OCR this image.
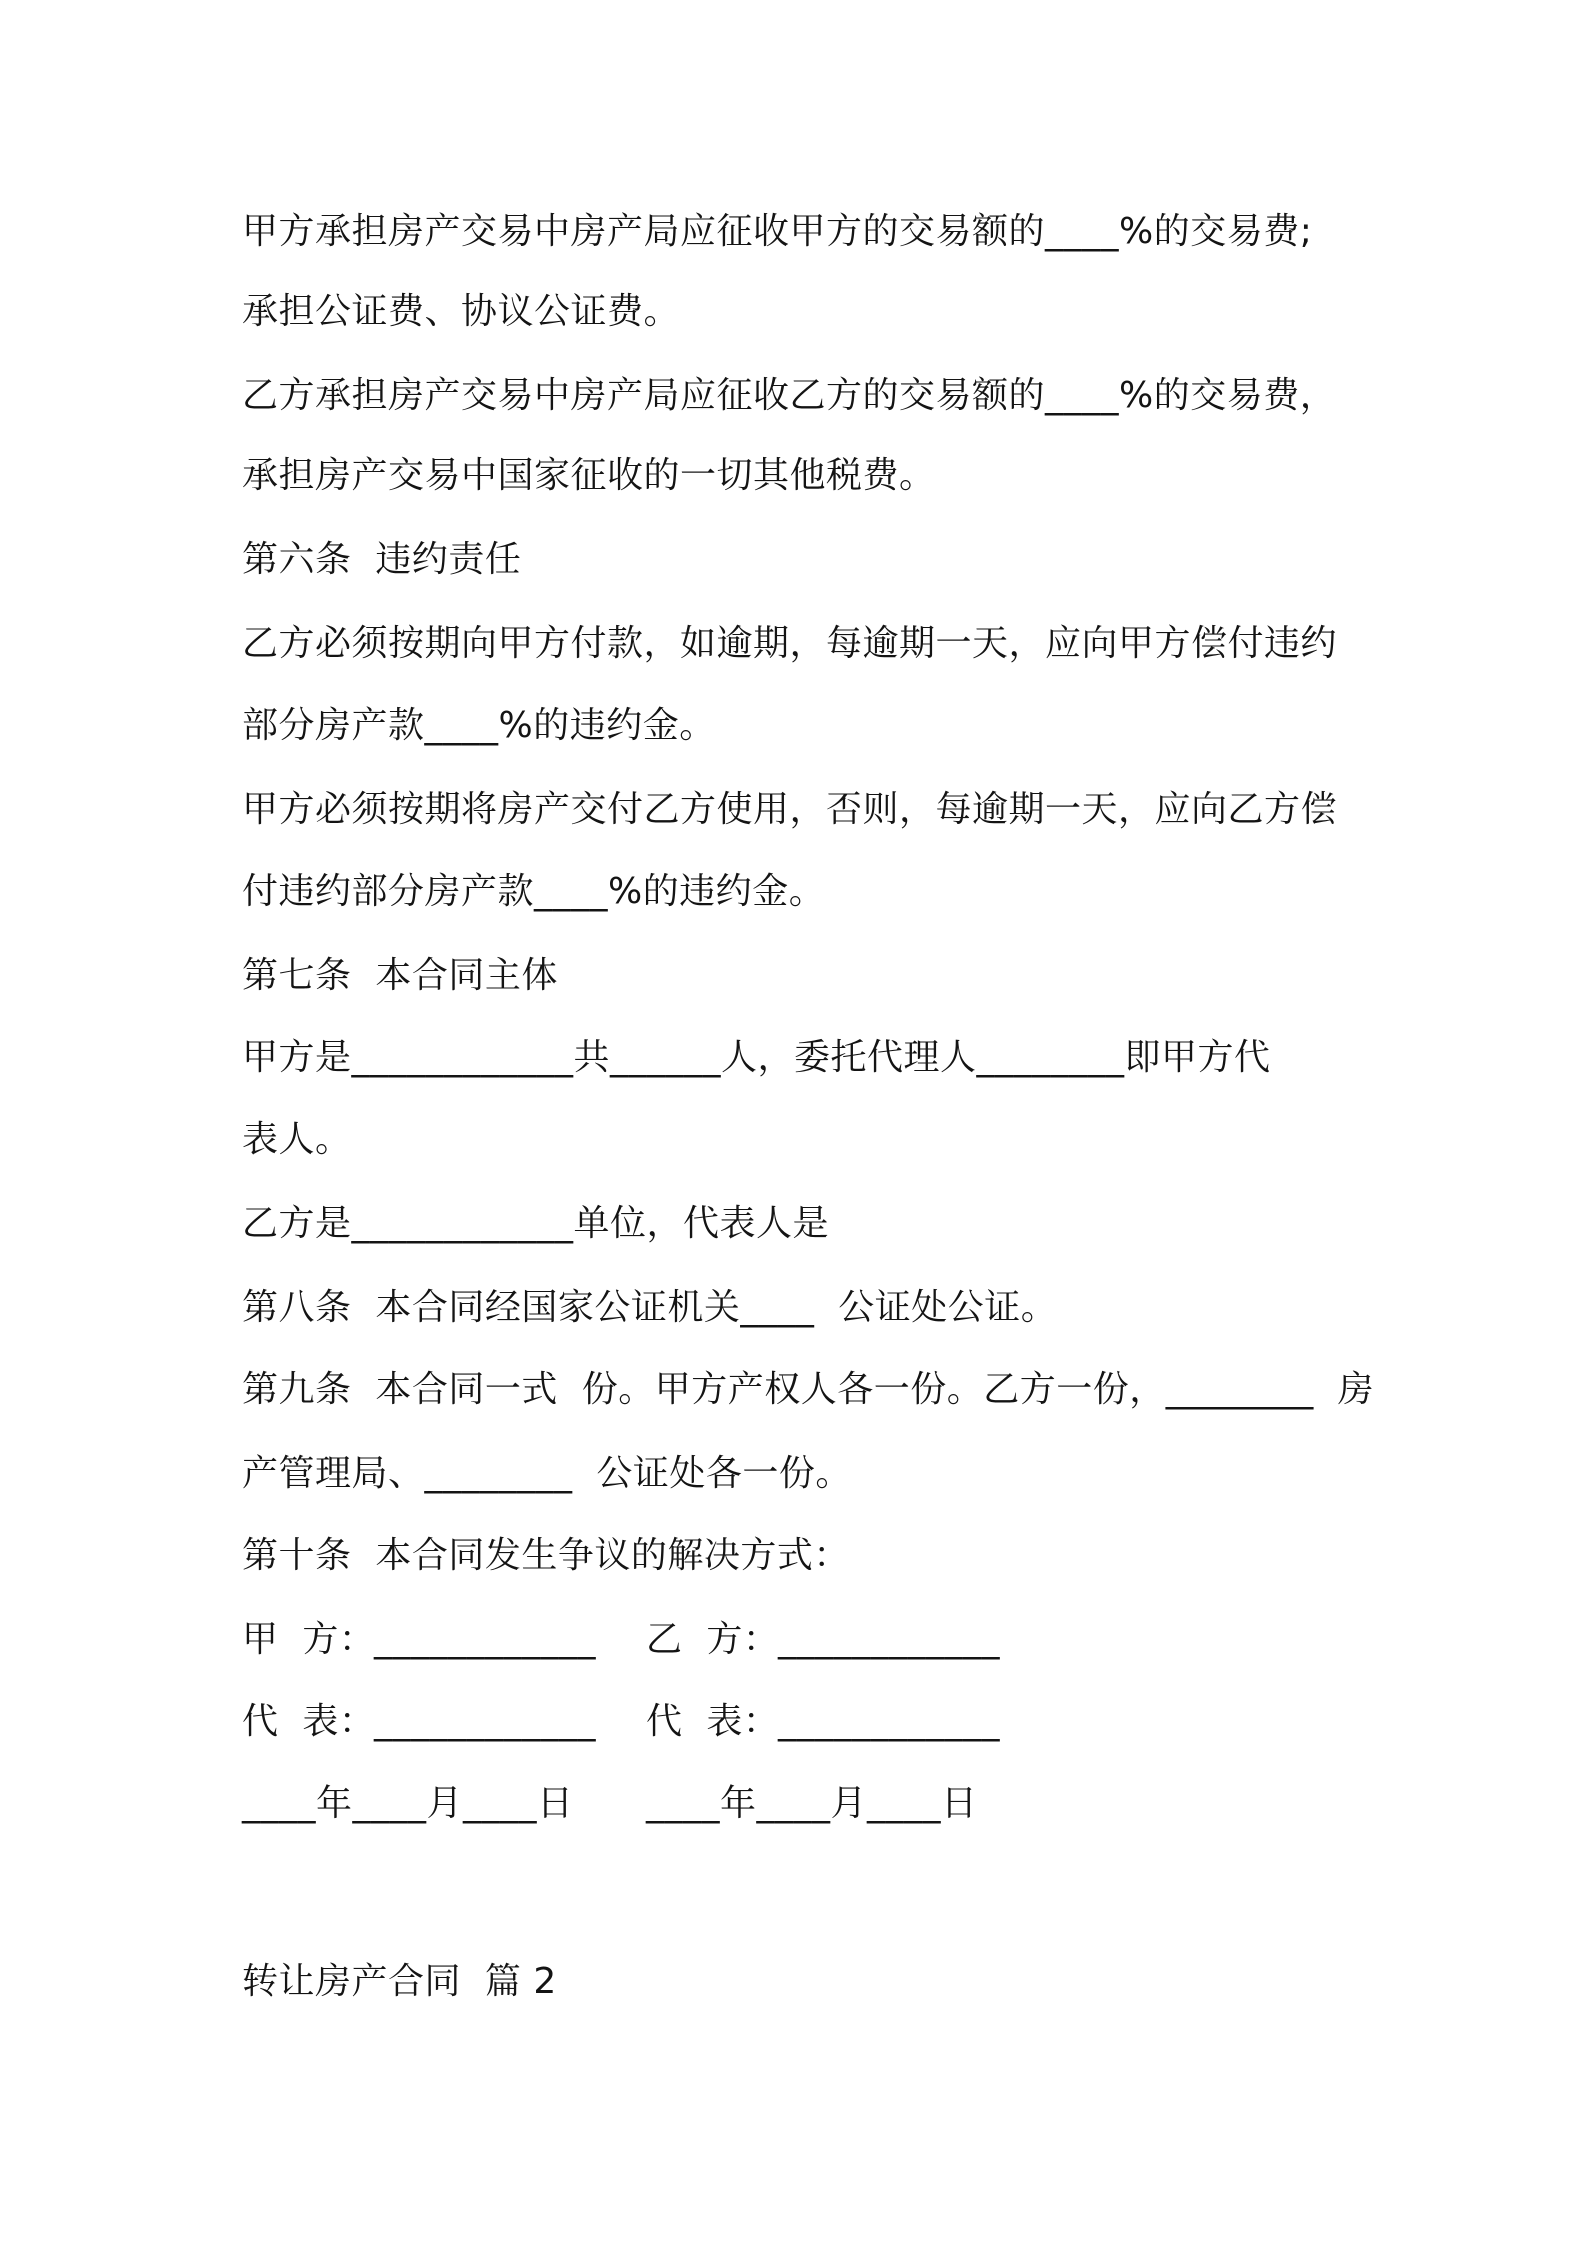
甲方承担房产交易中房产局应征收甲方的交易额的____%的交易费;
承担公证费、协议公证费。
乙方承担房产交易中房产局应征收乙方的交易额的____%的交易费，
承担房产交易中国家征收的一切其他税费。
第六条  违约责任
乙方必须按期向甲方付款，如逾期，每逾期一天，应向甲方偿付违约
部分房产款____%的违约金。
甲方必须按期将房产交付乙方使用，否则，每逾期一天，应向乙方偿
付违约部分房产款____%的违约金。
第七条  本合同主体
甲方是____________共______人，委托代理人________即甲方代
表人。
乙方是____________单位，代表人是
第八条  本合同经国家公证机关____  公证处公证。
第九条  本合同一式  份。甲方产权人各一份。乙方一份，________  房
产管理局、________  公证处各一份。
第十条  本合同发生争议的解决方式：
甲  方：
____________ 乙  方：
____________
代  表：
____________ 代  表：
____________
____年____月____日 ____年____月____日
转让房产合同  篇 2
